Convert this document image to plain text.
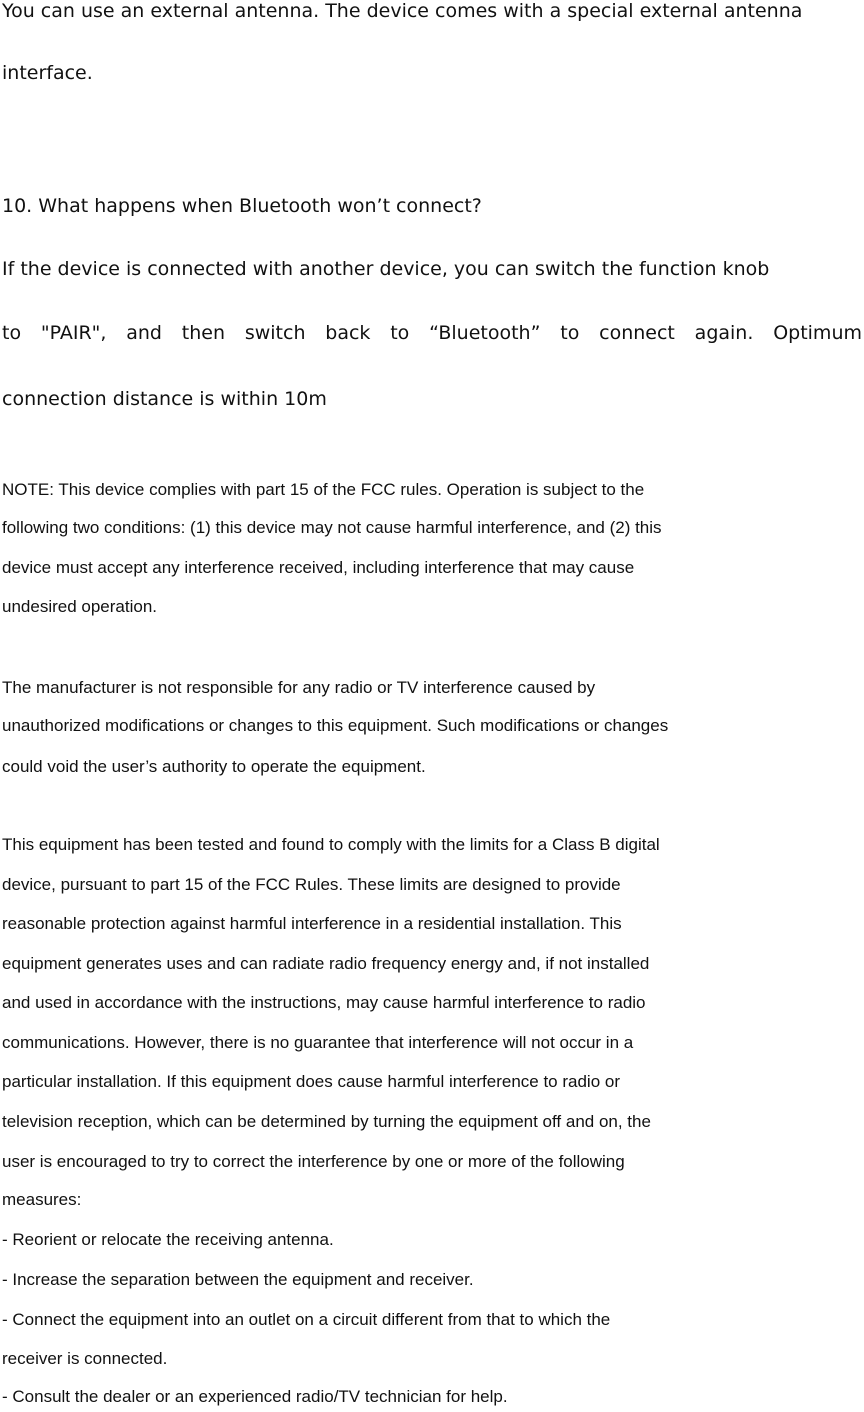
You can use an external antenna. The device comes with a special external antenna
interface.
10. What happens when Bluetooth won’t connect?
If the device is connected with another device, you can switch the function knob
to "PAIR", and then switch back to “Bluetooth” to connect again. Optimum
connection distance is within 10m
NOTE: This device complies with part 15 of the FCC rules. Operation is subject to the
following two conditions: (1) this device may not cause harmful interference, and (2) this
device must accept any interference received, including interference that may cause
undesired operation.
The manufacturer is not responsible for any radio or TV interference caused by
unauthorized modifications or changes to this equipment. Such modifications or changes
could void the user’s authority to operate the equipment.
This equipment has been tested and found to comply with the limits for a Class B digital
device, pursuant to part 15 of the FCC Rules. These limits are designed to provide
reasonable protection against harmful interference in a residential installation. This
equipment generates uses and can radiate radio frequency energy and, if not installed
and used in accordance with the instructions, may cause harmful interference to radio
communications. However, there is no guarantee that interference will not occur in a
particular installation. If this equipment does cause harmful interference to radio or
television reception, which can be determined by turning the equipment off and on, the
user is encouraged to try to correct the interference by one or more of the following
measures:
- Reorient or relocate the receiving antenna.
- Increase the separation between the equipment and receiver.
- Connect the equipment into an outlet on a circuit different from that to which the
receiver is connected.
- Consult the dealer or an experienced radio/TV technician for help.
